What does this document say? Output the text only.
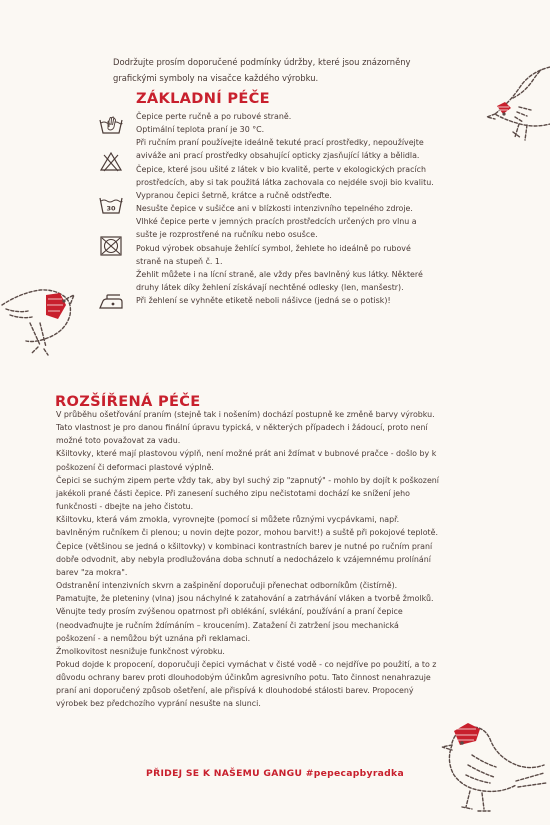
Dodržujte prosím doporučené podmínky údržby, které jsou znázorněny grafickými symboly na visačce každého výrobku.

ZÁKLADNÍ PÉČE

Čepice perte ručně a po rubové straně.

Optimální teplota praní je 30 °C.

Při ručním praní používejte ideálně tekuté prací prostředky, nepoužívejte aviváže ani prací prostředky obsahující opticky zjasňující látky a bělidla.

Čepice, které jsou ušité z látek v bio kvalitě, perte v ekologických pracích prostředcích, aby si tak použitá látka zachovala co nejdéle svoji bio kvalitu.

Vypranou čepici šetrně, krátce a ručně odstřeďte.

Nesušte čepice v sušičce ani v blízkosti intenzivního tepelného zdroje.

Vlhké čepice perte v jemných pracích prostředcích určených pro vlnu a sušte je rozprostřené na ručníku nebo osušce.

Pokud výrobek obsahuje žehlící symbol, žehlete ho ideálně po rubové straně na stupeň č. 1.

Žehlit můžete i na lícní straně, ale vždy přes bavlněný kus látky. Některé druhy látek díky žehlení získávají nechtěné odlesky (len, manšestr).

Při žehlení se vyhněte etiketě neboli nášivce (jedná se o potisk)!

30
ROZŠÍŘENÁ PÉČE

V průběhu ošetřování praním (stejně tak i nošením) dochází postupně ke změně barvy výrobku. Tato vlastnost je pro danou finální úpravu typická, v některých případech i žádoucí, proto není možné toto považovat za vadu.

Kšiltovky, které mají plastovou výplň, není možné prát ani ždímat v bubnové pračce - došlo by k poškození či deformaci plastové výplně.

Čepici se suchým zipem perte vždy tak, aby byl suchý zip "zapnutý" - mohlo by dojít k poškození jakékoli prané části čepice. Při zanesení suchého zipu nečistotami dochází ke snížení jeho funkčnosti - dbejte na jeho čistotu.

Kšiltovku, která vám zmokla, vyrovnejte (pomocí si můžete různými vycpávkami, např. bavlněným ručníkem či plenou; u novin dejte pozor, mohou barvit!) a suště při pokojové teplotě.

Čepice (většinou se jedná o kšiltovky) v kombinaci kontrastních barev je nutné po ručním praní dobře odvodnit, aby nebyla prodlužována doba schnutí a nedocházelo k vzájemnému prolínání barev "za mokra".

Odstranění intenzivních skvrn a zašpinění doporučuji přenechat odborníkům (čistírně).

Pamatujte, že pleteniny (vlna) jsou náchylné k zatahování a zatrhávání vláken a tvorbě žmolků. Věnujte tedy prosím zvýšenou opatrnost při oblékání, svlékání, používání a praní čepice (neodvaďnujte je ručním ždímáním – kroucením). Zatažení či zatržení jsou mechanická poškození - a nemůžou být uznána při reklamaci.

Žmolkovitost nesnižuje funkčnost výrobku.

Pokud dojde k propocení, doporučuji čepici vymáchat v čisté vodě - co nejdříve po použití, a to z důvodu ochrany barev proti dlouhodobým účinkům agresivního potu. Tato činnost nenahrazuje praní ani doporučený způsob ošetření, ale přispívá k dlouhodobé stálosti barev. Propocený výrobek bez předchozího vyprání nesušte na slunci.

PŘIDEJ SE K NAŠEMU GANGU #pepecapbyradka
